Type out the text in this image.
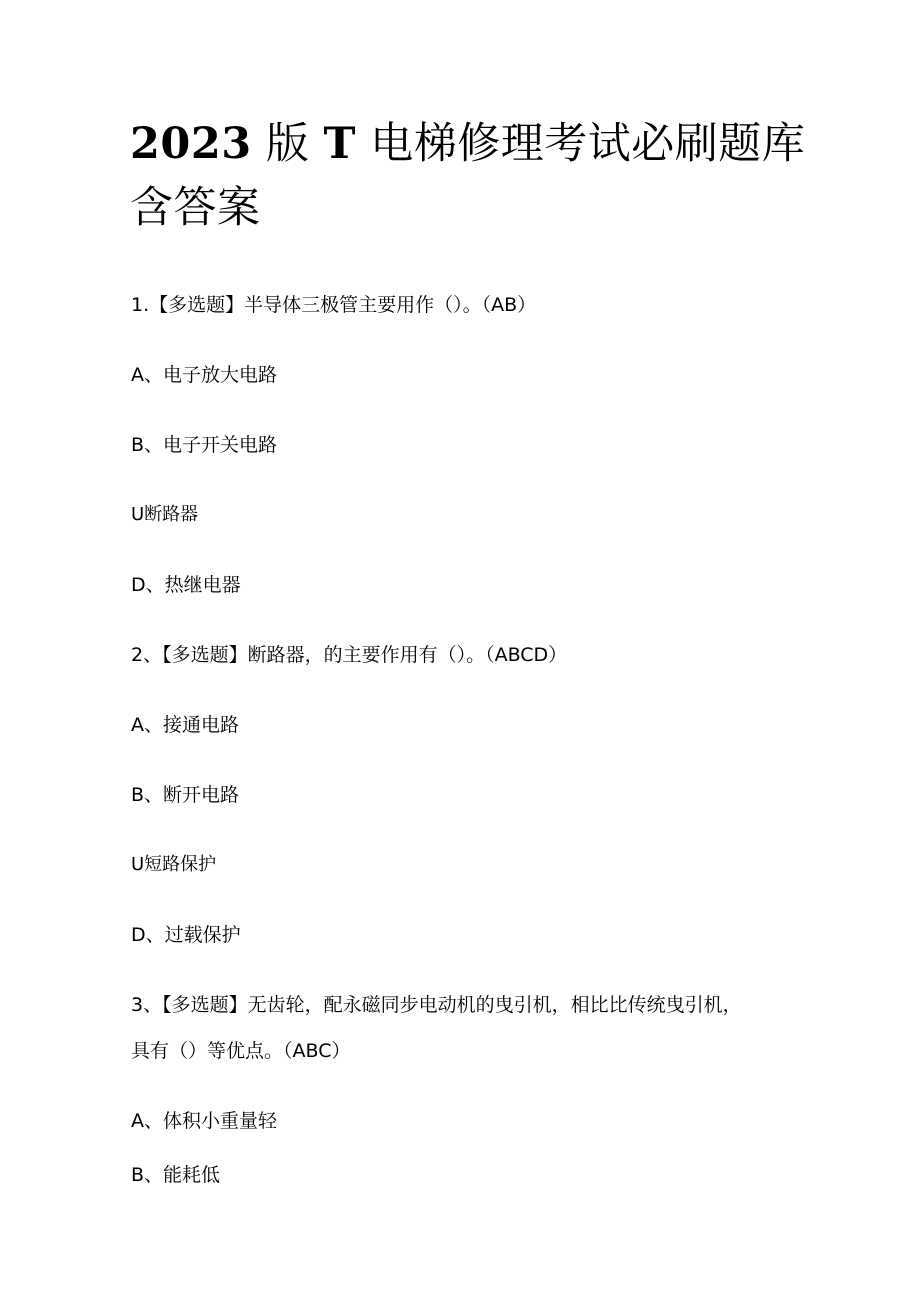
2023 版 T 电梯修理考试必刷题库含答案

1.【多选题】半导体三极管主要用作（）。（AB）

A、电子放大电路

B、电子开关电路

U断路器

D、热继电器

2、【多选题】断路器，的主要作用有（）。（ABCD）

A、接通电路

B、断开电路

U短路保护

D、过载保护

3、【多选题】无齿轮，配永磁同步电动机的曳引机，相比比传统曳引机，

具有（）等优点。（ABC）

A、体积小重量轻

B、能耗低
